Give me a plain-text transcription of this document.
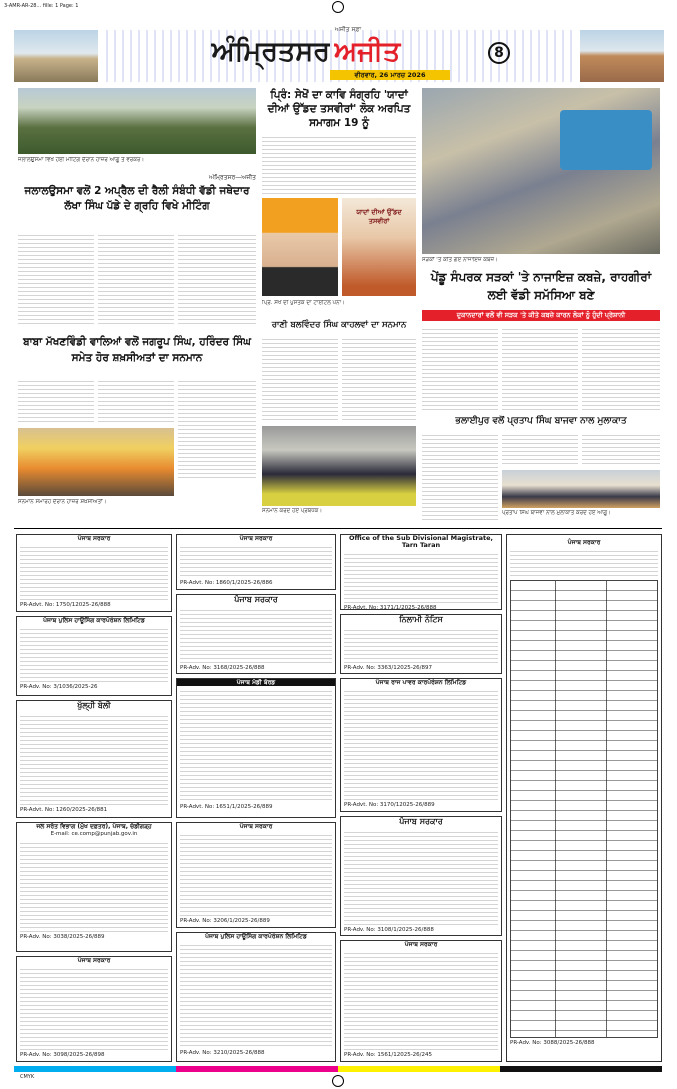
3-AMR-AR-28... fille: 1 Page: 1
ਅਜੀਤ ਸਫ਼ਾ
ਅੰਮ੍ਰਿਤਸਰ ਅਜੀਤ
ਵੀਰਵਾਰ, 26 ਮਾਰਚ 2026
8
ਜਲਾਲਉਸਮਾ ਵਿਖੇ ਹੋਈ ਮੀਟਿੰਗ ਦੌਰਾਨ ਹਾਜ਼ਰ ਆਗੂ ਤੇ ਵਰਕਰ।
ਅੰਮ੍ਰਿਤਸਰ—ਅਜੀਤ
ਪ੍ਰਿੰ: ਸੇਖੋਂ ਦਾ ਕਾਵਿ ਸੰਗ੍ਰਹਿ 'ਯਾਦਾਂ ਦੀਆਂ ਉੱਡਦ ਤਸਵੀਰਾਂ' ਲੋਕ ਅਰਪਿਤ ਸਮਾਗਮ 19 ਨੂੰ
ਸੜਕਾਂ 'ਤੇ ਕੀਤੇ ਗਏ ਨਾਜਾਇਜ਼ ਕਬਜ਼ੇ।
ਜਲਾਲਉਸਮਾ ਵਲੋਂ 2 ਅਪ੍ਰੈਲ ਦੀ ਰੈਲੀ ਸੰਬੰਧੀ ਵੱਡੀ ਜਥੇਦਾਰ ਲੱਖਾ ਸਿੰਘ ਪੱਡੇ ਦੇ ਗ੍ਰਹਿ ਵਿਖੇ ਮੀਟਿੰਗ
ਯਾਦਾਂ ਦੀਆਂ ਉੱਡਦ ਤਸਵੀਰਾਂ
ਪ੍ਰਿੰ. ਸੇਖੋਂ ਦੀ ਪੁਸਤਕ ਦਾ ਟਾਈਟਲ ਪੰਨਾ।
ਪੇਂਡੂ ਸੰਪਰਕ ਸੜਕਾਂ 'ਤੇ ਨਾਜਾਇਜ਼ ਕਬਜ਼ੇ, ਰਾਹਗੀਰਾਂ ਲਈ ਵੱਡੀ ਸਮੱਸਿਆ ਬਣੇ
ਦੁਕਾਨਦਾਰਾਂ ਵਲੋਂ ਵੀ ਸੜਕ 'ਤੇ ਕੀਤੇ ਕਬਜ਼ੇ ਕਾਰਨ ਲੋਕਾਂ ਨੂੰ ਹੁੰਦੀ ਪ੍ਰੇਸ਼ਾਨੀ
ਰਾਣੀ ਬਲਵਿੰਦਰ ਸਿੰਘ ਕਾਹਲਵਾਂ ਦਾ ਸਨਮਾਨ
ਬਾਬਾ ਮੱਖਣਵਿੰਡੀ ਵਾਲਿਆਂ ਵਲੋਂ ਜਗਰੂਪ ਸਿੰਘ, ਹਰਿੰਦਰ ਸਿੰਘ ਸਮੇਤ ਹੋਰ ਸ਼ਖ਼ਸੀਅਤਾਂ ਦਾ ਸਨਮਾਨ
ਸਨਮਾਨ ਸਮਾਰੋਹ ਦੌਰਾਨ ਹਾਜ਼ਰ ਸ਼ਖ਼ਸੀਅਤਾਂ।
ਸਨਮਾਨ ਕਰਦੇ ਹੋਏ ਪ੍ਰਬੰਧਕ।
ਭਲਾਈਪੁਰ ਵਲੋਂ ਪ੍ਰਤਾਪ ਸਿੰਘ ਬਾਜਵਾ ਨਾਲ ਮੁਲਾਕਾਤ
ਪ੍ਰਤਾਪ ਸਿੰਘ ਬਾਜਵਾ ਨਾਲ ਮੁਲਾਕਾਤ ਕਰਦੇ ਹੋਏ ਆਗੂ।
ਪੰਜਾਬ ਸਰਕਾਰ
PR-Advt. No: 1750/12025-26/888
ਪੰਜਾਬ ਪੁਲਿਸ ਹਾਊਸਿੰਗ ਕਾਰਪੋਰੇਸ਼ਨ ਲਿਮਿਟਿਡ
PR-Adv. No: 3/1036/2025-26
ਖੁੱਲ੍ਹੀ ਬੋਲੀ
PR-Advt. No: 1260/2025-26/881
ਜਲ ਸਰੋਤ ਵਿਭਾਗ (ਮੁੱਖ ਦਫ਼ਤਰ), ਪੰਜਾਬ, ਚੰਡੀਗੜ੍ਹ
E-mail: ce.comp@punjab.gov.in
PR-Adv. No: 3038/2025-26/889
ਪੰਜਾਬ ਸਰਕਾਰ
PR-Adv. No: 3098/2025-26/898
ਪੰਜਾਬ ਸਰਕਾਰ
PR-Advt. No: 1860/1/2025-26/886
ਪੰਜਾਬ ਸਰਕਾਰ
PR-Adv. No: 3168/2025-26/888
ਪੰਜਾਬ ਮੰਡੀ ਬੋਰਡ
PR-Advt. No: 1651/1/2025-26/889
ਪੰਜਾਬ ਸਰਕਾਰ
PR-Adv. No: 3206/1/2025-26/889
ਪੰਜਾਬ ਪੁਲਿਸ ਹਾਊਸਿੰਗ ਕਾਰਪੋਰੇਸ਼ਨ ਲਿਮਿਟਿਡ
PR-Adv. No: 3210/2025-26/888
Office of the Sub Divisional Magistrate, Tarn Taran
PR-Advt. No: 3171/1/2025-26/888
ਨਿਲਾਮੀ ਨੋਟਿਸ
PR-Adv. No: 3363/12025-26/897
ਪੰਜਾਬ ਰਾਜ ਪਾਵਰ ਕਾਰਪੋਰੇਸ਼ਨ ਲਿਮਿਟਿਡ
PR-Advt. No: 3170/12025-26/889
ਪੰਜਾਬ ਸਰਕਾਰ
PR-Adv. No: 3108/1/2025-26/888
ਪੰਜਾਬ ਸਰਕਾਰ
PR-Adv. No: 1561/12025-26/245
ਪੰਜਾਬ ਸਰਕਾਰ
PR-Adv. No: 3088/2025-26/888
CMYK
